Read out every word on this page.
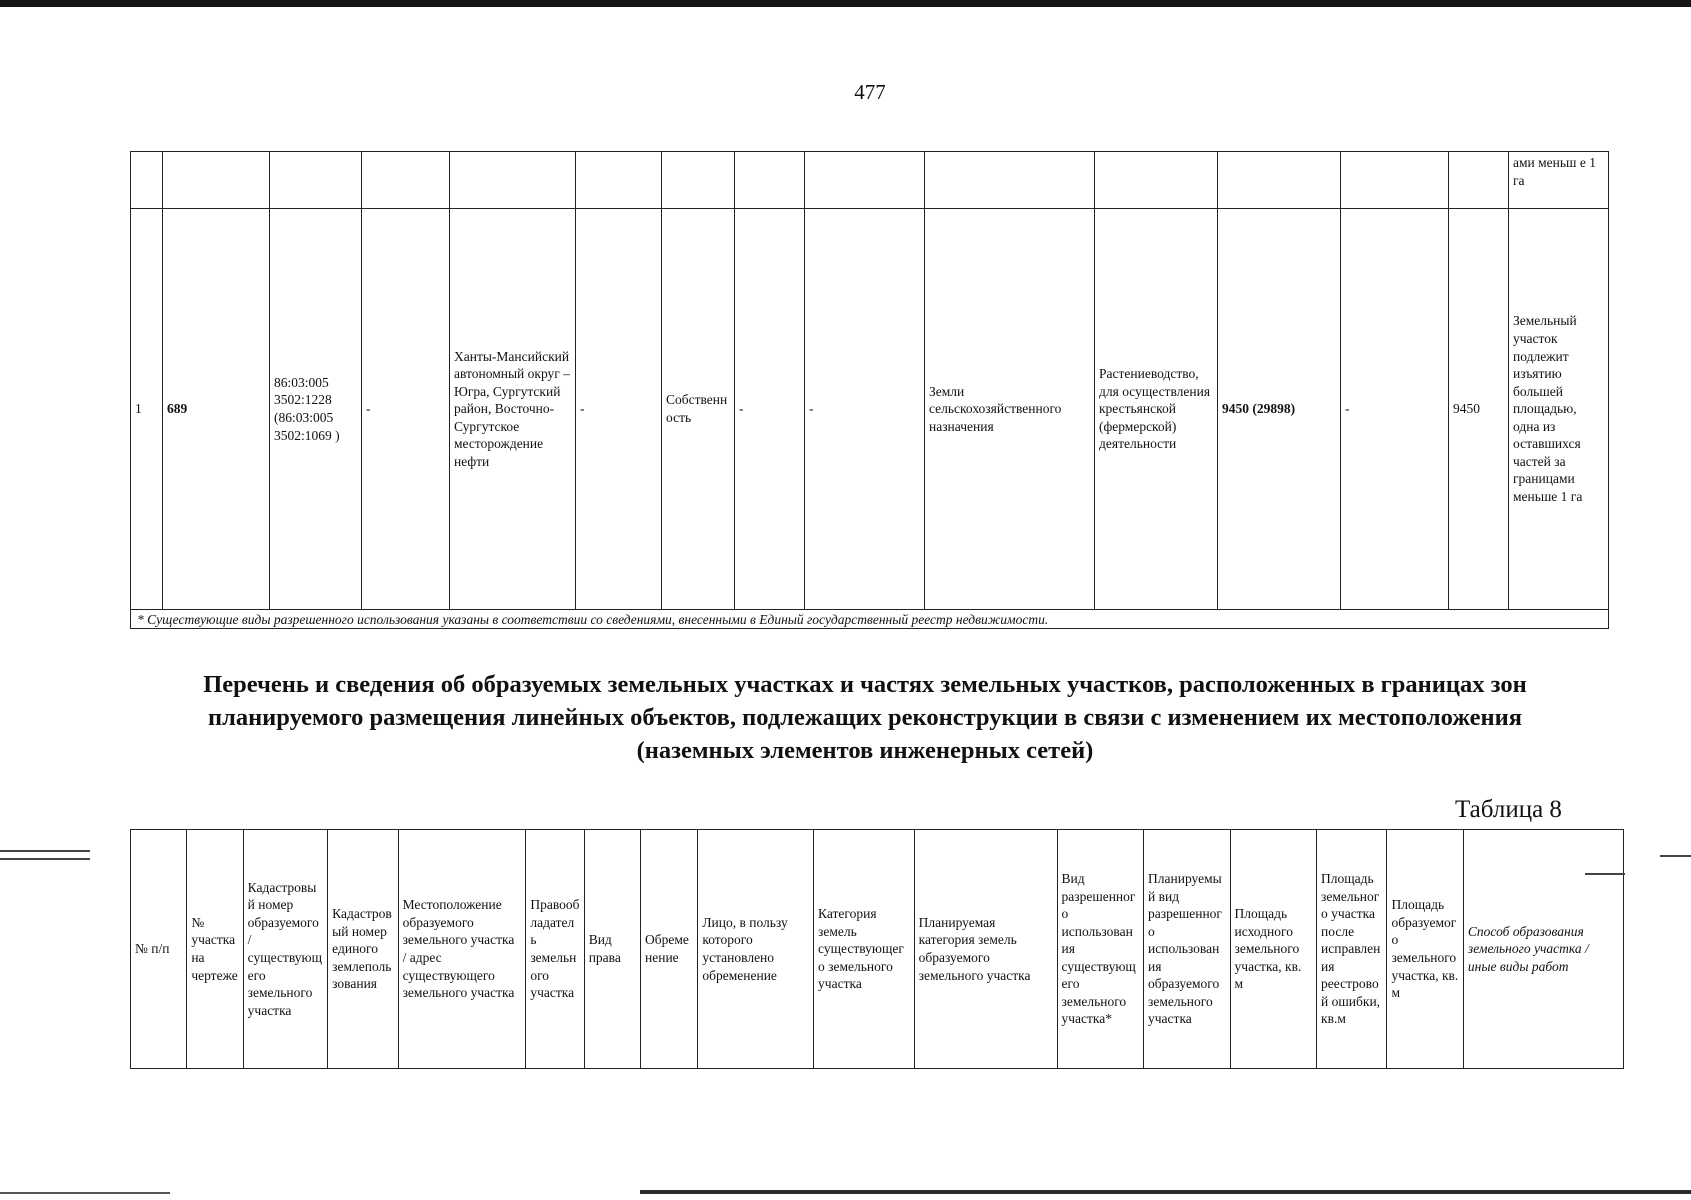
477
														ами меньш е 1 га
1	689	86:03:005 3502:1228 (86:03:005 3502:1069 )	-	Ханты-Мансийский автономный округ – Югра, Сургутский район, Восточно-Сургутское месторождение нефти	-	Собственность	-	-	Земли сельскохозяйственного назначения	Растениеводство, для осуществления крестьянской (фермерской) деятельности	9450 (29898)	-	9450	Земельный участок подлежит изъятию большей площадью, одна из оставшихся частей за границами меньше 1 га
* Существующие виды разрешенного использования указаны в соответствии со сведениями, внесенными в Единый государственный реестр недвижимости.														
Перечень и сведения об образуемых земельных участках и частях земельных участков, расположенных в границах зон планируемого размещения линейных объектов, подлежащих реконструкции в связи с изменением их местоположения (наземных элементов инженерных сетей)
Таблица 8
№ п/п	№ участка на чертеже	Кадастровый номер образуемого / существующего земельного участка	Кадастровый номер единого землепользования	Местоположение образуемого земельного участка / адрес существующего земельного участка	Правообладатель земельного участка	Вид права	Обременение	Лицо, в пользу которого установлено обременение	Категория земель существующего земельного участка	Планируемая категория земель образуемого земельного участка	Вид разрешенного использования существующего земельного участка*	Планируемый вид разрешенного использования образуемого земельного участка	Площадь исходного земельного участка, кв. м	Площадь земельного участка после исправления реестровой ошибки, кв.м	Площадь образуемого земельного участка, кв. м	Способ образования земельного участка / иные виды работ
